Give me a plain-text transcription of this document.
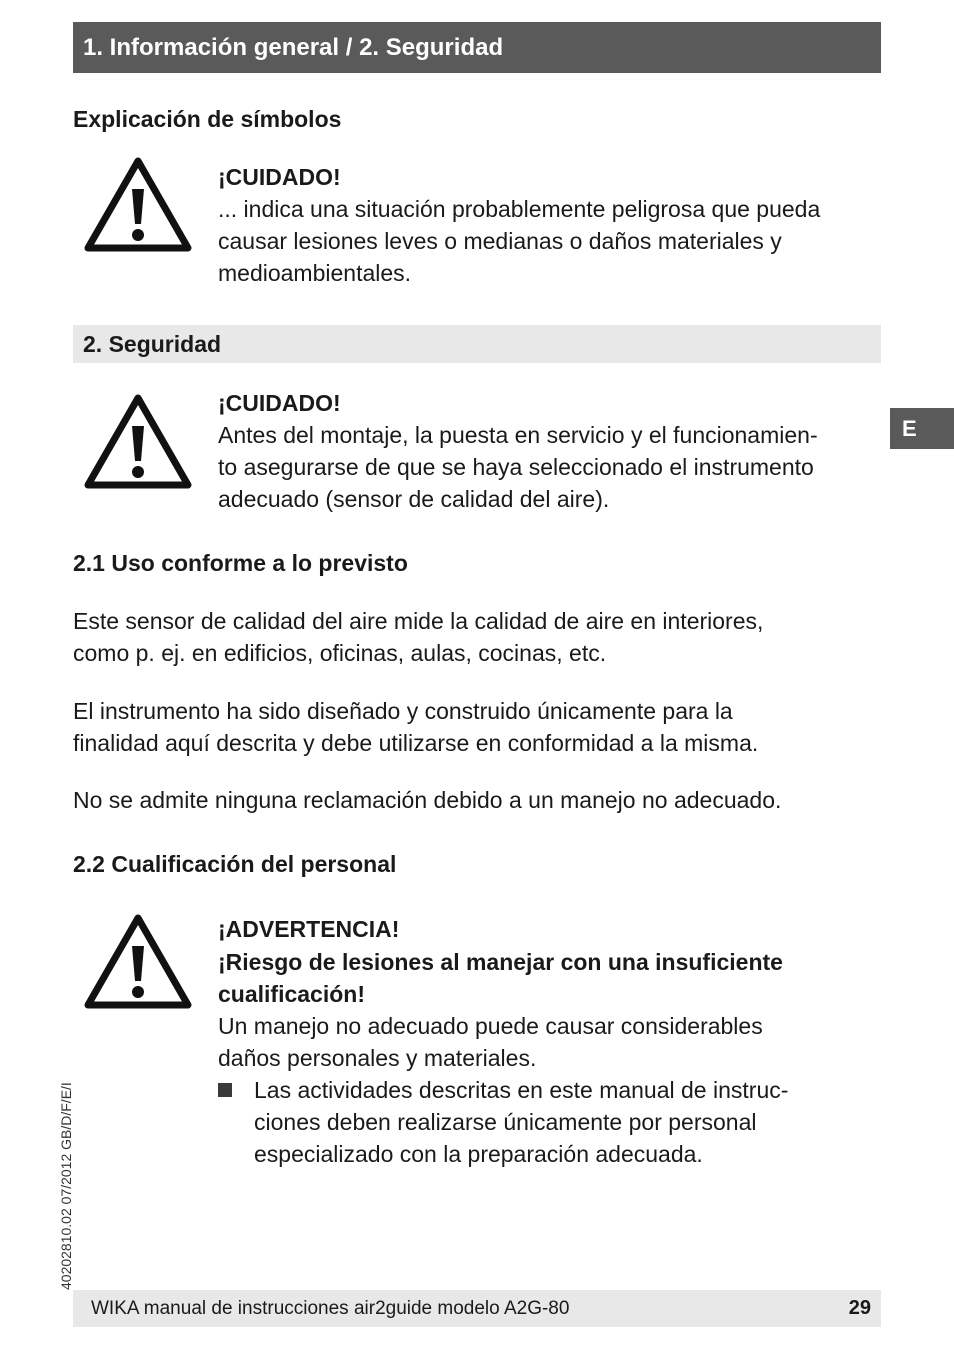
1. Información general / 2. Seguridad
Explicación de símbolos
¡CUIDADO!
... indica una situación probablemente peligrosa que pueda
causar lesiones leves o medianas o daños materiales y
medioambientales.
2. Seguridad
E
¡CUIDADO!
Antes del montaje, la puesta en servicio y el funcionamien-
to asegurarse de que se haya seleccionado el instrumento
adecuado (sensor de calidad del aire).
2.1 Uso conforme a lo previsto
Este sensor de calidad del aire mide la calidad de aire en interiores,
como p. ej. en edificios, oficinas, aulas, cocinas, etc.
El instrumento ha sido diseñado y construido únicamente para la
finalidad aquí descrita y debe utilizarse en conformidad a la misma.
No se admite ninguna reclamación debido a un manejo no adecuado.
2.2 Cualificación del personal
¡ADVERTENCIA!
¡Riesgo de lesiones al manejar con una insuficiente
cualificación!
Un manejo no adecuado puede causar considerables
daños personales y materiales.
Las actividades descritas en este manual de instruc-
ciones deben realizarse únicamente por personal
especializado con la preparación adecuada.
40202810.02 07/2012 GB/D/F/E/I
WIKA manual de instrucciones air2guide modelo A2G-80	29
